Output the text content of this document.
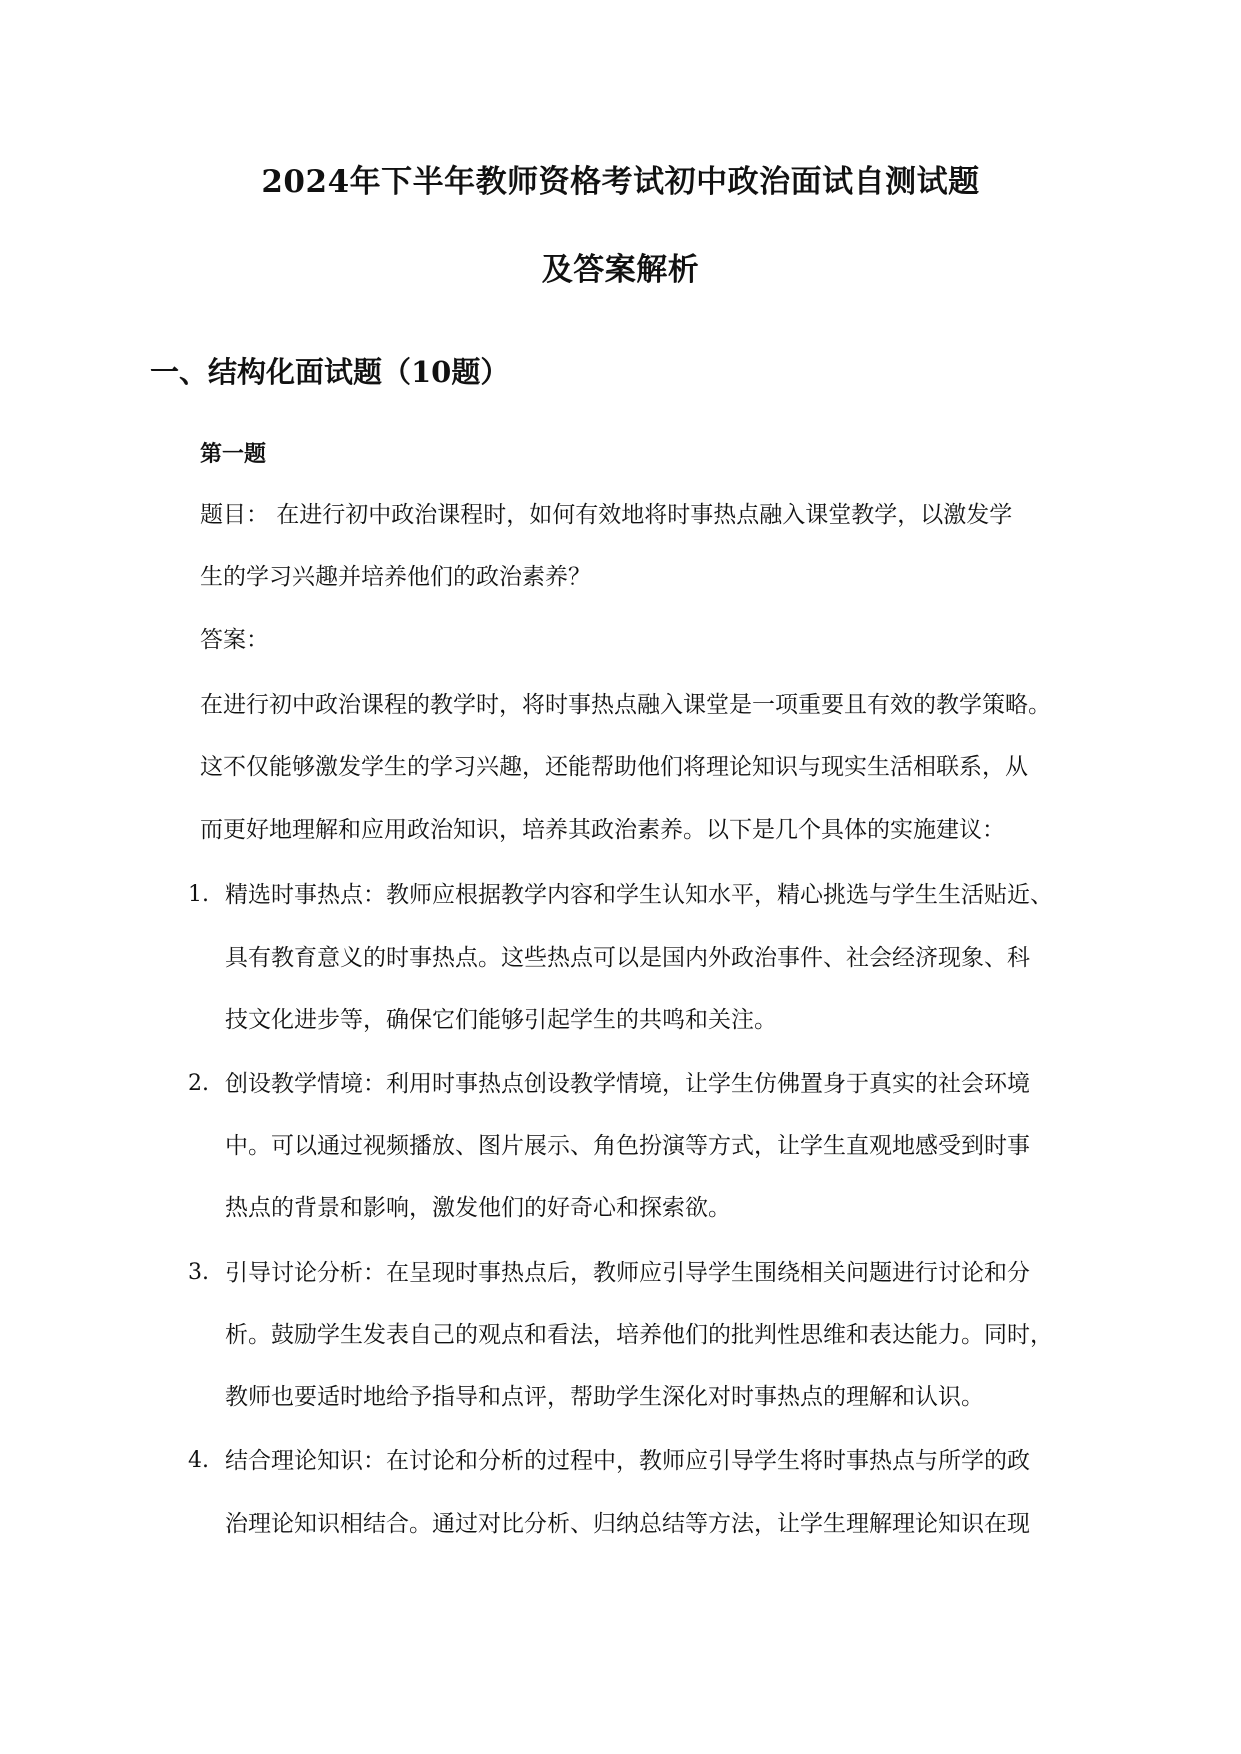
2024年下半年教师资格考试初中政治面试自测试题
及答案解析
一、结构化面试题（10题）
第一题
题目： 在进行初中政治课程时，如何有效地将时事热点融入课堂教学，以激发学
生的学习兴趣并培养他们的政治素养？
答案：
在进行初中政治课程的教学时，将时事热点融入课堂是一项重要且有效的教学策略。
这不仅能够激发学生的学习兴趣，还能帮助他们将理论知识与现实生活相联系，从
而更好地理解和应用政治知识，培养其政治素养。以下是几个具体的实施建议：
1. 精选时事热点：教师应根据教学内容和学生认知水平，精心挑选与学生生活贴近、
具有教育意义的时事热点。这些热点可以是国内外政治事件、社会经济现象、科
技文化进步等，确保它们能够引起学生的共鸣和关注。
2. 创设教学情境：利用时事热点创设教学情境，让学生仿佛置身于真实的社会环境
中。可以通过视频播放、图片展示、角色扮演等方式，让学生直观地感受到时事
热点的背景和影响，激发他们的好奇心和探索欲。
3. 引导讨论分析：在呈现时事热点后，教师应引导学生围绕相关问题进行讨论和分
析。鼓励学生发表自己的观点和看法，培养他们的批判性思维和表达能力。同时，
教师也要适时地给予指导和点评，帮助学生深化对时事热点的理解和认识。
4. 结合理论知识：在讨论和分析的过程中，教师应引导学生将时事热点与所学的政
治理论知识相结合。通过对比分析、归纳总结等方法，让学生理解理论知识在现
